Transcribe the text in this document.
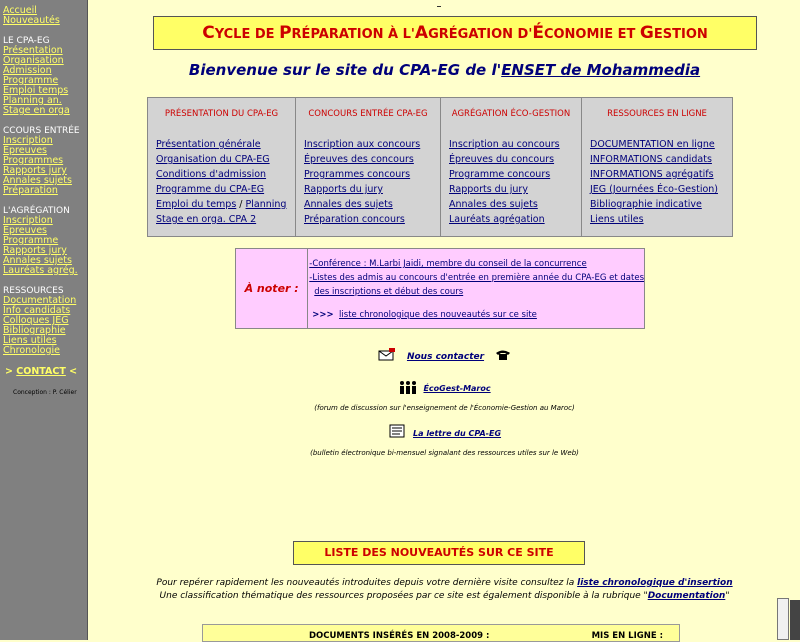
Accueil
Nouveautés
LE CPA-EG
Présentation
Organisation
Admission
Programme
Emploi temps
Planning an.
Stage en orga
CCOURS ENTRÉE
Inscription
Épreuves
Programmes
Rapports jury
Annales sujets
Préparation
L'AGRÉGATION
Inscription
Épreuves
Programme
Rapports jury
Annales sujets
Lauréats agrég.
RESSOURCES
Documentation
Info candidats
Colloques JEG
Bibliographie
Liens utiles
Chronologie
> CONTACT <
Conception : P. Célier
CYCLE DE PRÉPARATION À L'AGRÉGATION D'ÉCONOMIE ET GESTION
Bienvenue sur le site du CPA-EG de l'ENSET de Mohammedia
PRÉSENTATION DU CPA-EG
Présentation générale
Organisation du CPA-EG
Conditions d'admission
Programme du CPA-EG
Emploi du temps / Planning
Stage en orga. CPA 2
CONCOURS ENTRÉE CPA-EG
Inscription aux concours
Épreuves des concours
Programmes concours
Rapports du jury
Annales des sujets
Préparation concours
AGRÉGATION ÉCO-GESTION
Inscription au concours
Épreuves du concours
Programme concours
Rapports du jury
Annales des sujets
Lauréats agrégation
RESSOURCES EN LIGNE
DOCUMENTATION en ligne
INFORMATIONS candidats
INFORMATIONS agrégatifs
JEG (Journées Éco-Gestion)
Bibliographie indicative
Liens utiles
À noter :
-Conférence : M.Larbi Jaidi, membre du conseil de la concurrence
-Listes des admis au concours d'entrée en première année du CPA-EG et dates
des inscriptions et début des cours
>>> liste chronologique des nouveautés sur ce site
Nous contacter
ÉcoGest-Maroc
(forum de discussion sur l'enseignement de l'Économie-Gestion au Maroc)
La lettre du CPA-EG
(bulletin électronique bi-mensuel signalant des ressources utiles sur le Web)
LISTE DES NOUVEAUTÉS SUR CE SITE
Pour repérer rapidement les nouveautés introduites depuis votre dernière visite consultez la liste chronologique d'insertion
Une classification thématique des ressources proposées par ce site est également disponible à la rubrique "Documentation"
DOCUMENTS INSÉRÉS EN 2008-2009 :	MIS EN LIGNE :
